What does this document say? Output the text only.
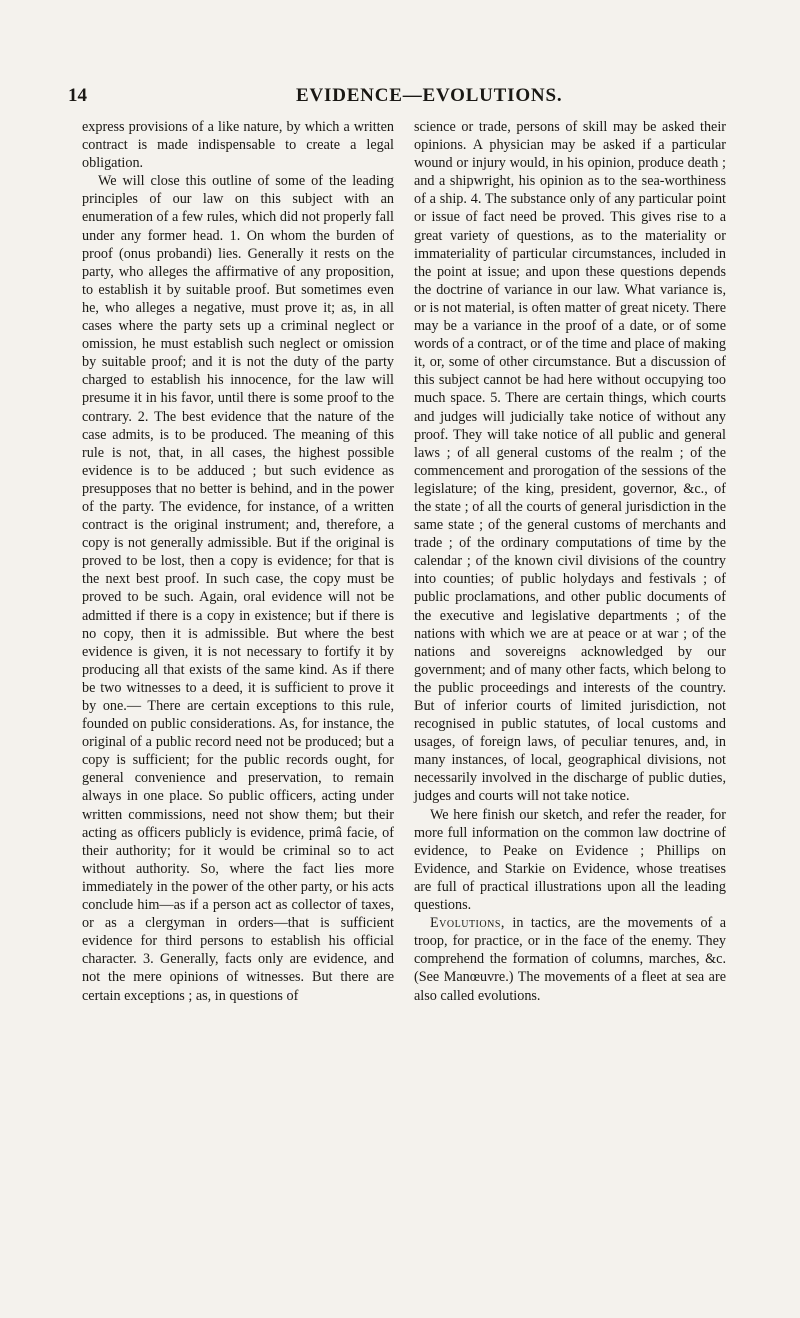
14	EVIDENCE—EVOLUTIONS.

express provisions of a like nature, by which a written contract is made indispensable to create a legal obligation.

We will close this outline of some of the leading principles of our law on this subject with an enumeration of a few rules, which did not properly fall under any former head. 1. On whom the burden of proof (onus probandi) lies. Generally it rests on the party, who alleges the affirmative of any proposition, to establish it by suitable proof. But sometimes even he, who alleges a negative, must prove it; as, in all cases where the party sets up a criminal neglect or omission, he must establish such neglect or omission by suitable proof; and it is not the duty of the party charged to establish his innocence, for the law will presume it in his favor, until there is some proof to the contrary. 2. The best evidence that the nature of the case admits, is to be produced. The meaning of this rule is not, that, in all cases, the highest possible evidence is to be adduced ; but such evidence as presupposes that no better is behind, and in the power of the party. The evidence, for instance, of a written contract is the original instrument; and, therefore, a copy is not generally admissible. But if the original is proved to be lost, then a copy is evidence; for that is the next best proof. In such case, the copy must be proved to be such. Again, oral evidence will not be admitted if there is a copy in existence; but if there is no copy, then it is admissible. But where the best evidence is given, it is not necessary to fortify it by producing all that exists of the same kind. As if there be two witnesses to a deed, it is sufficient to prove it by one.— There are certain exceptions to this rule, founded on public considerations. As, for instance, the original of a public record need not be produced; but a copy is sufficient; for the public records ought, for general convenience and preservation, to remain always in one place. So public officers, acting under written commissions, need not show them; but their acting as officers publicly is evidence, primâ facie, of their authority; for it would be criminal so to act without authority. So, where the fact lies more immediately in the power of the other party, or his acts conclude him—as if a person act as collector of taxes, or as a clergyman in orders—that is sufficient evidence for third persons to establish his official character. 3. Generally, facts only are evidence, and not the mere opinions of witnesses. But there are certain exceptions ; as, in questions of

science or trade, persons of skill may be asked their opinions. A physician may be asked if a particular wound or injury would, in his opinion, produce death ; and a shipwright, his opinion as to the sea-worthiness of a ship. 4. The substance only of any particular point or issue of fact need be proved. This gives rise to a great variety of questions, as to the materiality or immateriality of particular circumstances, included in the point at issue; and upon these questions depends the doctrine of variance in our law. What variance is, or is not material, is often matter of great nicety. There may be a variance in the proof of a date, or of some words of a contract, or of the time and place of making it, or, some of other circumstance. But a discussion of this subject cannot be had here without occupying too much space. 5. There are certain things, which courts and judges will judicially take notice of without any proof. They will take notice of all public and general laws ; of all general customs of the realm ; of the commencement and prorogation of the sessions of the legislature; of the king, president, governor, &c., of the state ; of all the courts of general jurisdiction in the same state ; of the general customs of merchants and trade ; of the ordinary computations of time by the calendar ; of the known civil divisions of the country into counties; of public holydays and festivals ; of public proclamations, and other public documents of the executive and legislative departments ; of the nations with which we are at peace or at war ; of the nations and sovereigns acknowledged by our government; and of many other facts, which belong to the public proceedings and interests of the country. But of inferior courts of limited jurisdiction, not recognised in public statutes, of local customs and usages, of foreign laws, of peculiar tenures, and, in many instances, of local, geographical divisions, not necessarily involved in the discharge of public duties, judges and courts will not take notice.

We here finish our sketch, and refer the reader, for more full information on the common law doctrine of evidence, to Peake on Evidence ; Phillips on Evidence, and Starkie on Evidence, whose treatises are full of practical illustrations upon all the leading questions.

Evolutions, in tactics, are the movements of a troop, for practice, or in the face of the enemy. They comprehend the formation of columns, marches, &c. (See Manœuvre.) The movements of a fleet at sea are also called evolutions.
